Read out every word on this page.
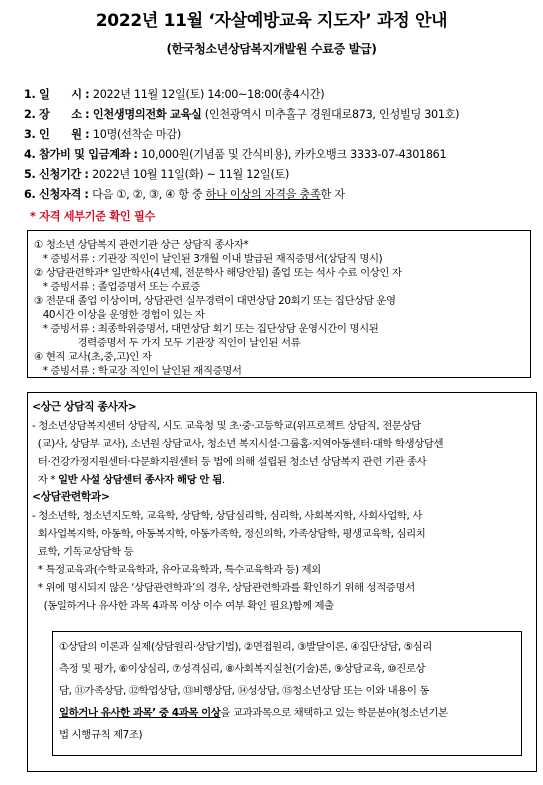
2022년 11월 ‘자살예방교육 지도자’ 과정 안내
(한국청소년상담복지개발원 수료증 발급)
1. 일　　시 : 2022년 11월 12일(토) 14:00~18:00(총4시간)
2. 장　　소 : 인천생명의전화 교육실 (인천광역시 미추홀구 경원대로873, 인성빌딩 301호)
3. 인　　원 : 10명(선착순 마감)
4. 참가비 및 입금계좌 : 10,000원(기념품 및 간식비용), 카카오뱅크 3333-07-4301861
5. 신청기간 : 2022년 10월 11일(화) ~ 11월 12일(토)
6. 신청자격 : 다음 ①, ②, ③, ④ 항 중 하나 이상의 자격을 충족한 자
* 자격 세부기준 확인 필수
① 청소년 상담복지 관련기관 상근 상담직 종사자*
* 증빙서류 : 기관장 직인이 날인된 3개월 이내 발급된 재직증명서(상담직 명시)
② 상담관련학과* 일반학사(4년제, 전문학사 해당안됨) 졸업 또는 석사 수료 이상인 자
* 증빙서류 : 졸업증명서 또는 수료증
③ 전문대 졸업 이상이며, 상담관련 실무경력이 대면상담 20회기 또는 집단상담 운영
40시간 이상을 운영한 경험이 있는 자
* 증빙서류 : 최종학위증명서, 대면상담 회기 또는 집단상담 운영시간이 명시된
경력증명서 두 가지 모두 기관장 직인이 날인된 서류
④ 현직 교사(초,중,고)인 자
* 증빙서류 : 학교장 직인이 날인된 재직증명서
<상근 상담직 종사자>
- 청소년상담복지센터 상담직, 시도 교육청 및 초·중·고등학교(위프로젝트 상담직, 전문상담
(교)사, 상담부 교사), 소년원 상담교사, 청소년 복지시설·그룹홈·지역아동센터·대학 학생상담센
터·건강가정지원센터·다문화지원센터 등 법에 의해 설립된 청소년 상담복지 관련 기관 종사
자 * 일반 사설 상담센터 종사자 해당 안 됨.
<상담관련학과>
- 청소년학, 청소년지도학, 교육학, 상담학, 상담심리학, 심리학, 사회복지학, 사회사업학, 사
회사업복지학, 아동학, 아동복지학, 아동가족학, 정신의학, 가족상담학, 평생교육학, 심리치
료학, 기독교상담학 등
* 특정교육과(수학교육학과, 유아교육학과, 특수교육학과 등) 제외
* 위에 명시되지 않은 ‘상담관련학과’의 경우, 상담관련학과를 확인하기 위해 성적증명서
(동일하거나 유사한 과목 4과목 이상 이수 여부 확인 필요)함께 제출
①상담의 이론과 실제(상담원리·상담기법), ②면접원리, ③발달이론, ④집단상담, ⑤심리
측정 및 평가, ⑥이상심리, ⑦성격심리, ⑧사회복지실천(기술)론, ⑨상담교육, ⑩진로상
담, ⑪가족상담, ⑫학업상담, ⑬비행상담, ⑭성상담, ⑮청소년상담 또는 이와 내용이 동
일하거나 유사한 과목’ 중 4과목 이상을 교과과목으로 채택하고 있는 학문분야(청소년기본
법 시행규칙 제7조)
